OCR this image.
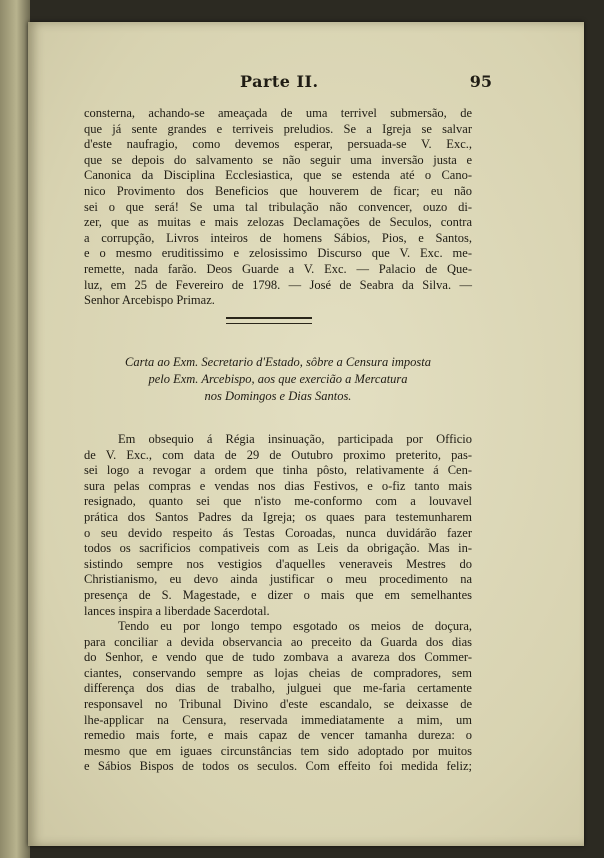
Parte II.	95
consterna, achando-se ameaçada de uma terrivel submersão, de
que já sente grandes e terriveis preludios. Se a Igreja se salvar
d'este naufragio, como devemos esperar, persuada-se V. Exc.,
que se depois do salvamento se não seguir uma inversão justa e
Canonica da Disciplina Ecclesiastica, que se estenda até o Cano-
nico Provimento dos Beneficios que houverem de ficar; eu não
sei o que será! Se uma tal tribulação não convencer, ouzo di-
zer, que as muitas e mais zelozas Declamações de Seculos, contra
a corrupção, Livros inteiros de homens Sábios, Pios, e Santos,
e o mesmo eruditissimo e zelosissimo Discurso que V. Exc. me-
remette, nada farão. Deos Guarde a V. Exc. — Palacio de Que-
luz, em 25 de Fevereiro de 1798. — José de Seabra da Silva. —
Senhor Arcebispo Primaz.
Carta ao Exm. Secretario d'Estado, sôbre a Censura imposta
pelo Exm. Arcebispo, aos que exercião a Mercatura
nos Domingos e Dias Santos.
Em obsequio á Régia insinuação, participada por Officio
de V. Exc., com data de 29 de Outubro proximo preterito, pas-
sei logo a revogar a ordem que tinha pôsto, relativamente á Cen-
sura pelas compras e vendas nos dias Festivos, e o-fiz tanto mais
resignado, quanto sei que n'isto me-conformo com a louvavel
prática dos Santos Padres da Igreja; os quaes para testemunharem
o seu devido respeito ás Testas Coroadas, nunca duvidárão fazer
todos os sacrificios compativeis com as Leis da obrigação. Mas in-
sistindo sempre nos vestigios d'aquelles veneraveis Mestres do
Christianismo, eu devo ainda justificar o meu procedimento na
presença de S. Magestade, e dizer o mais que em semelhantes
lances inspira a liberdade Sacerdotal.
Tendo eu por longo tempo esgotado os meios de doçura,
para conciliar a devida observancia ao preceito da Guarda dos dias
do Senhor, e vendo que de tudo zombava a avareza dos Commer-
ciantes, conservando sempre as lojas cheias de compradores, sem
differença dos dias de trabalho, julguei que me-faria certamente
responsavel no Tribunal Divino d'este escandalo, se deixasse de
lhe-applicar na Censura, reservada immediatamente a mim, um
remedio mais forte, e mais capaz de vencer tamanha dureza: o
mesmo que em iguaes circunstâncias tem sido adoptado por muitos
e Sábios Bispos de todos os seculos. Com effeito foi medida feliz;
